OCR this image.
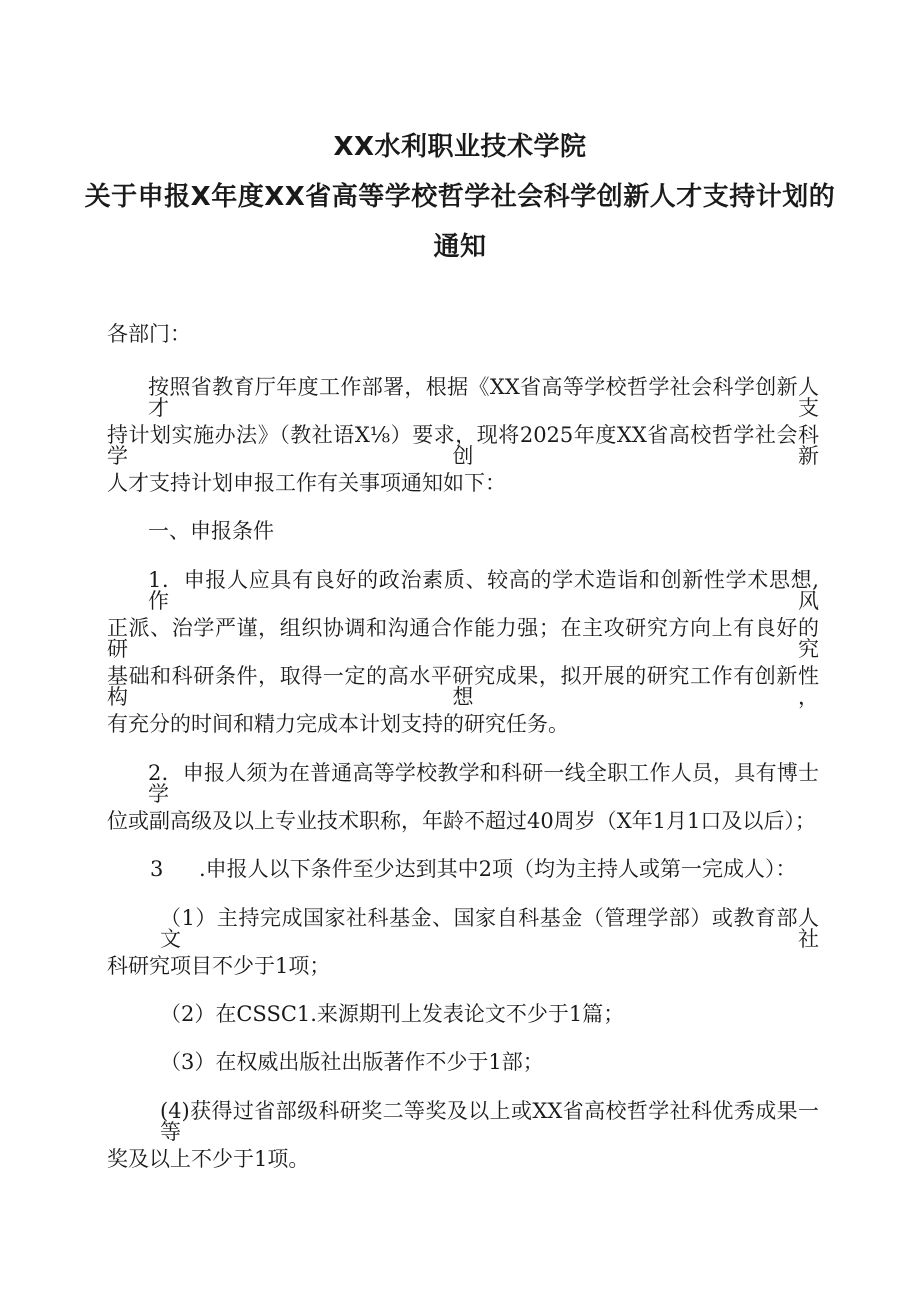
XX水利职业技术学院
关于申报X年度XX省高等学校哲学社会科学创新人才支持计划的
通知
各部门：
按照省教育厅年度工作部署，根据《XX省高等学校哲学社会科学创新人才支
持计划实施办法》（教社语X⅛）要求，现将2025年度XX省高校哲学社会科学创新
人才支持计划申报工作有关事项通知如下：
一、申报条件
1．申报人应具有良好的政治素质、较高的学术造诣和创新性学术思想,作风
正派、治学严谨，组织协调和沟通合作能力强；在主攻研究方向上有良好的研究
基础和科研条件，取得一定的高水平研究成果，拟开展的研究工作有创新性构想，
有充分的时间和精力完成本计划支持的研究任务。
2．申报人须为在普通高等学校教学和科研一线全职工作人员，具有博士学
位或副高级及以上专业技术职称，年龄不超过40周岁（X年1月1口及以后）；
3 .申报人以下条件至少达到其中2项（均为主持人或第一完成人）：
（1）主持完成国家社科基金、国家自科基金（管理学部）或教育部人文社
科研究项目不少于1项；
（2）在CSSC1.来源期刊上发表论文不少于1篇；
（3）在权威出版社出版著作不少于1部；
(4)获得过省部级科研奖二等奖及以上或XX省高校哲学社科优秀成果一等
奖及以上不少于1项。
